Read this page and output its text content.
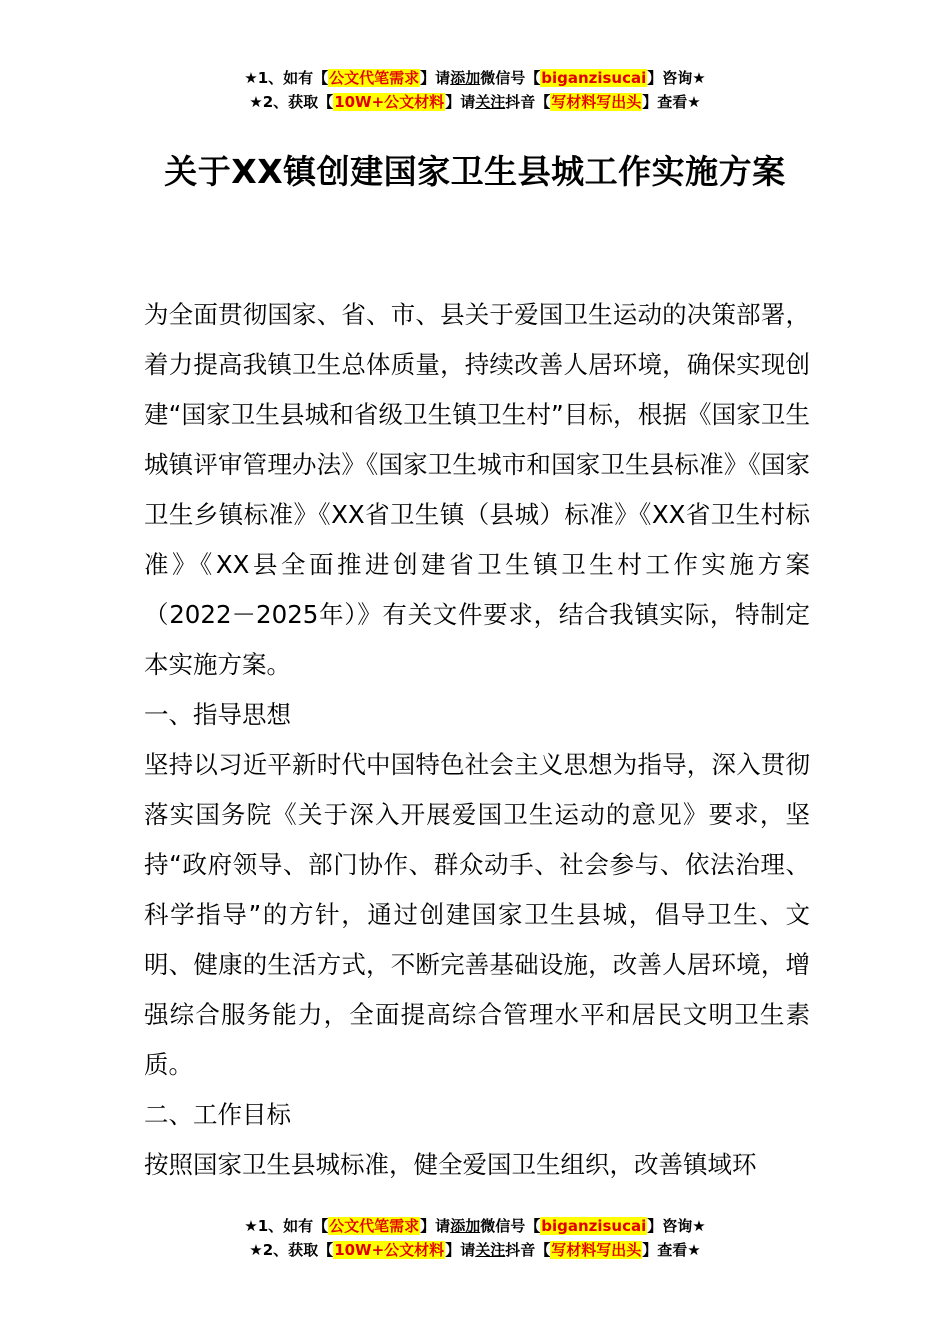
★1、如有【公文代笔需求】请添加微信号【biganzisucai】咨询★
★2、获取【10W+公文材料】请关注抖音【写材料写出头】查看★
关于XX镇创建国家卫生县城工作实施方案

为全面贯彻国家、省、市、县关于爱国卫生运动的决策部署，着力提高我镇卫生总体质量，持续改善人居环境，确保实现创建“国家卫生县城和省级卫生镇卫生村”目标，根据《国家卫生城镇评审管理办法》《国家卫生城市和国家卫生县标准》《国家卫生乡镇标准》《XX省卫生镇（县城）标准》《XX省卫生村标准》《XX县全面推进创建省卫生镇卫生村工作实施方案（2022－2025年）》有关文件要求，结合我镇实际，特制定本实施方案。

一、指导思想

坚持以习近平新时代中国特色社会主义思想为指导，深入贯彻落实国务院《关于深入开展爱国卫生运动的意见》要求，坚持“政府领导、部门协作、群众动手、社会参与、依法治理、科学指导”的方针，通过创建国家卫生县城，倡导卫生、文明、健康的生活方式，不断完善基础设施，改善人居环境，增强综合服务能力，全面提高综合管理水平和居民文明卫生素质。

二、工作目标

按照国家卫生县城标准，健全爱国卫生组织，改善镇域环

★1、如有【公文代笔需求】请添加微信号【biganzisucai】咨询★
★2、获取【10W+公文材料】请关注抖音【写材料写出头】查看★
